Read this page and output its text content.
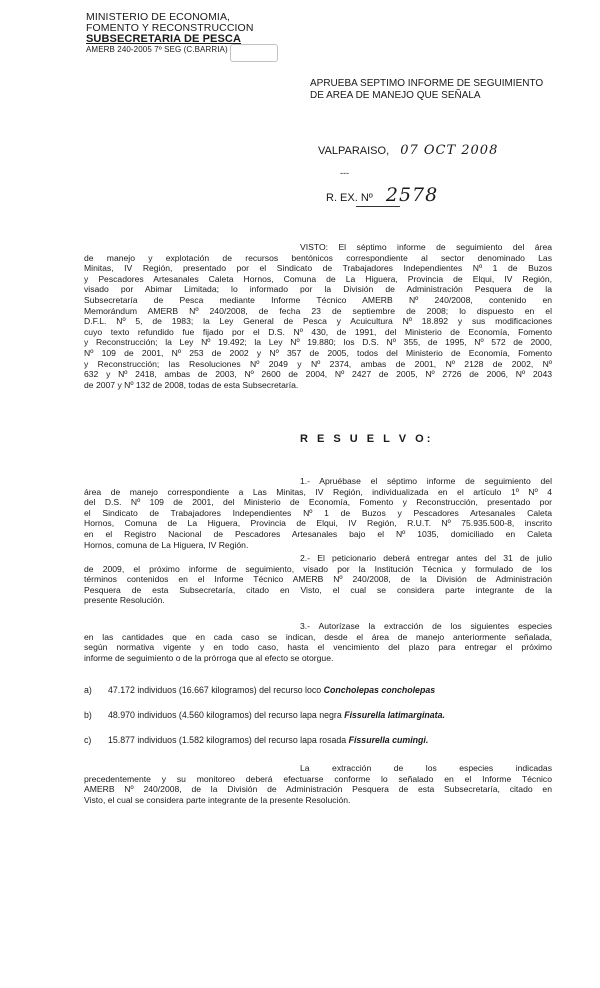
MINISTERIO DE ECONOMIA,
FOMENTO Y RECONSTRUCCION
SUBSECRETARIA DE PESCA
AMERB 240-2005 7º SEG (C.BARRIA)
APRUEBA SEPTIMO INFORME DE SEGUIMIENTO
DE AREA DE MANEJO QUE SEÑALA
VALPARAISO, 07 OCT 2008
---
R. EX. Nº 2578
VISTO: El séptimo informe de seguimiento del área
de manejo y explotación de recursos bentónicos correspondiente al sector denominado Las
Minitas, IV Región, presentado por el Sindicato de Trabajadores Independientes Nº 1 de Buzos
y Pescadores Artesanales Caleta Hornos, Comuna de La Higuera, Provincia de Elqui, IV Región,
visado por Abimar Limitada; lo informado por la División de Administración Pesquera de la
Subsecretaría de Pesca mediante Informe Técnico AMERB Nº 240/2008, contenido en
Memorándum AMERB Nº 240/2008, de fecha 23 de septiembre de 2008; lo dispuesto en el
D.F.L. Nº 5, de 1983; la Ley General de Pesca y Acuicultura Nº 18.892 y sus modificaciones
cuyo texto refundido fue fijado por el D.S. Nº 430, de 1991, del Ministerio de Economía, Fomento
y Reconstrucción; la Ley Nº 19.492; la Ley Nº 19.880; los D.S. Nº 355, de 1995, Nº 572 de 2000,
Nº 109 de 2001, Nº 253 de 2002 y Nº 357 de 2005, todos del Ministerio de Economía, Fomento
y Reconstrucción; las Resoluciones Nº 2049 y Nº 2374, ambas de 2001, Nº 2128 de 2002, Nº
632 y Nº 2418, ambas de 2003, Nº 2600 de 2004, Nº 2427 de 2005, Nº 2726 de 2006, Nº 2043
de 2007 y Nº 132 de 2008, todas de esta Subsecretaría.
R E S U E L V O:
1.- Apruébase el séptimo informe de seguimiento del
área de manejo correspondiente a Las Minitas, IV Región, individualizada en el artículo 1º Nº 4
del D.S. Nº 109 de 2001, del Ministerio de Economía, Fomento y Reconstrucción, presentado por
el Sindicato de Trabajadores Independientes Nº 1 de Buzos y Pescadores Artesanales Caleta
Hornos, Comuna de La Higuera, Provincia de Elqui, IV Región, R.U.T. Nº 75.935.500-8, inscrito
en el Registro Nacional de Pescadores Artesanales bajo el Nº 1035, domiciliado en Caleta
Hornos, comuna de La Higuera, IV Región.
2.- El peticionario deberá entregar antes del 31 de julio
de 2009, el próximo informe de seguimiento, visado por la Institución Técnica y formulado de los
términos contenidos en el Informe Técnico AMERB Nº 240/2008, de la División de Administración
Pesquera de esta Subsecretaría, citado en Visto, el cual se considera parte integrante de la
presente Resolución.
3.- Autorízase la extracción de los siguientes especies
en las cantidades que en cada caso se indican, desde el área de manejo anteriormente señalada,
según normativa vigente y en todo caso, hasta el vencimiento del plazo para entregar el próximo
informe de seguimiento o de la prórroga que al efecto se otorgue.
a) 47.172 individuos (16.667 kilogramos) del recurso loco Concholepas concholepas
b) 48.970 individuos (4.560 kilogramos) del recurso lapa negra Fissurella latimarginata.
c) 15.877 individuos (1.582 kilogramos) del recurso lapa rosada Fissurella cumingi.
La extracción de los especies indicadas
precedentemente y su monitoreo deberá efectuarse conforme lo señalado en el Informe Técnico
AMERB Nº 240/2008, de la División de Administración Pesquera de esta Subsecretaría, citado en
Visto, el cual se considera parte integrante de la presente Resolución.
